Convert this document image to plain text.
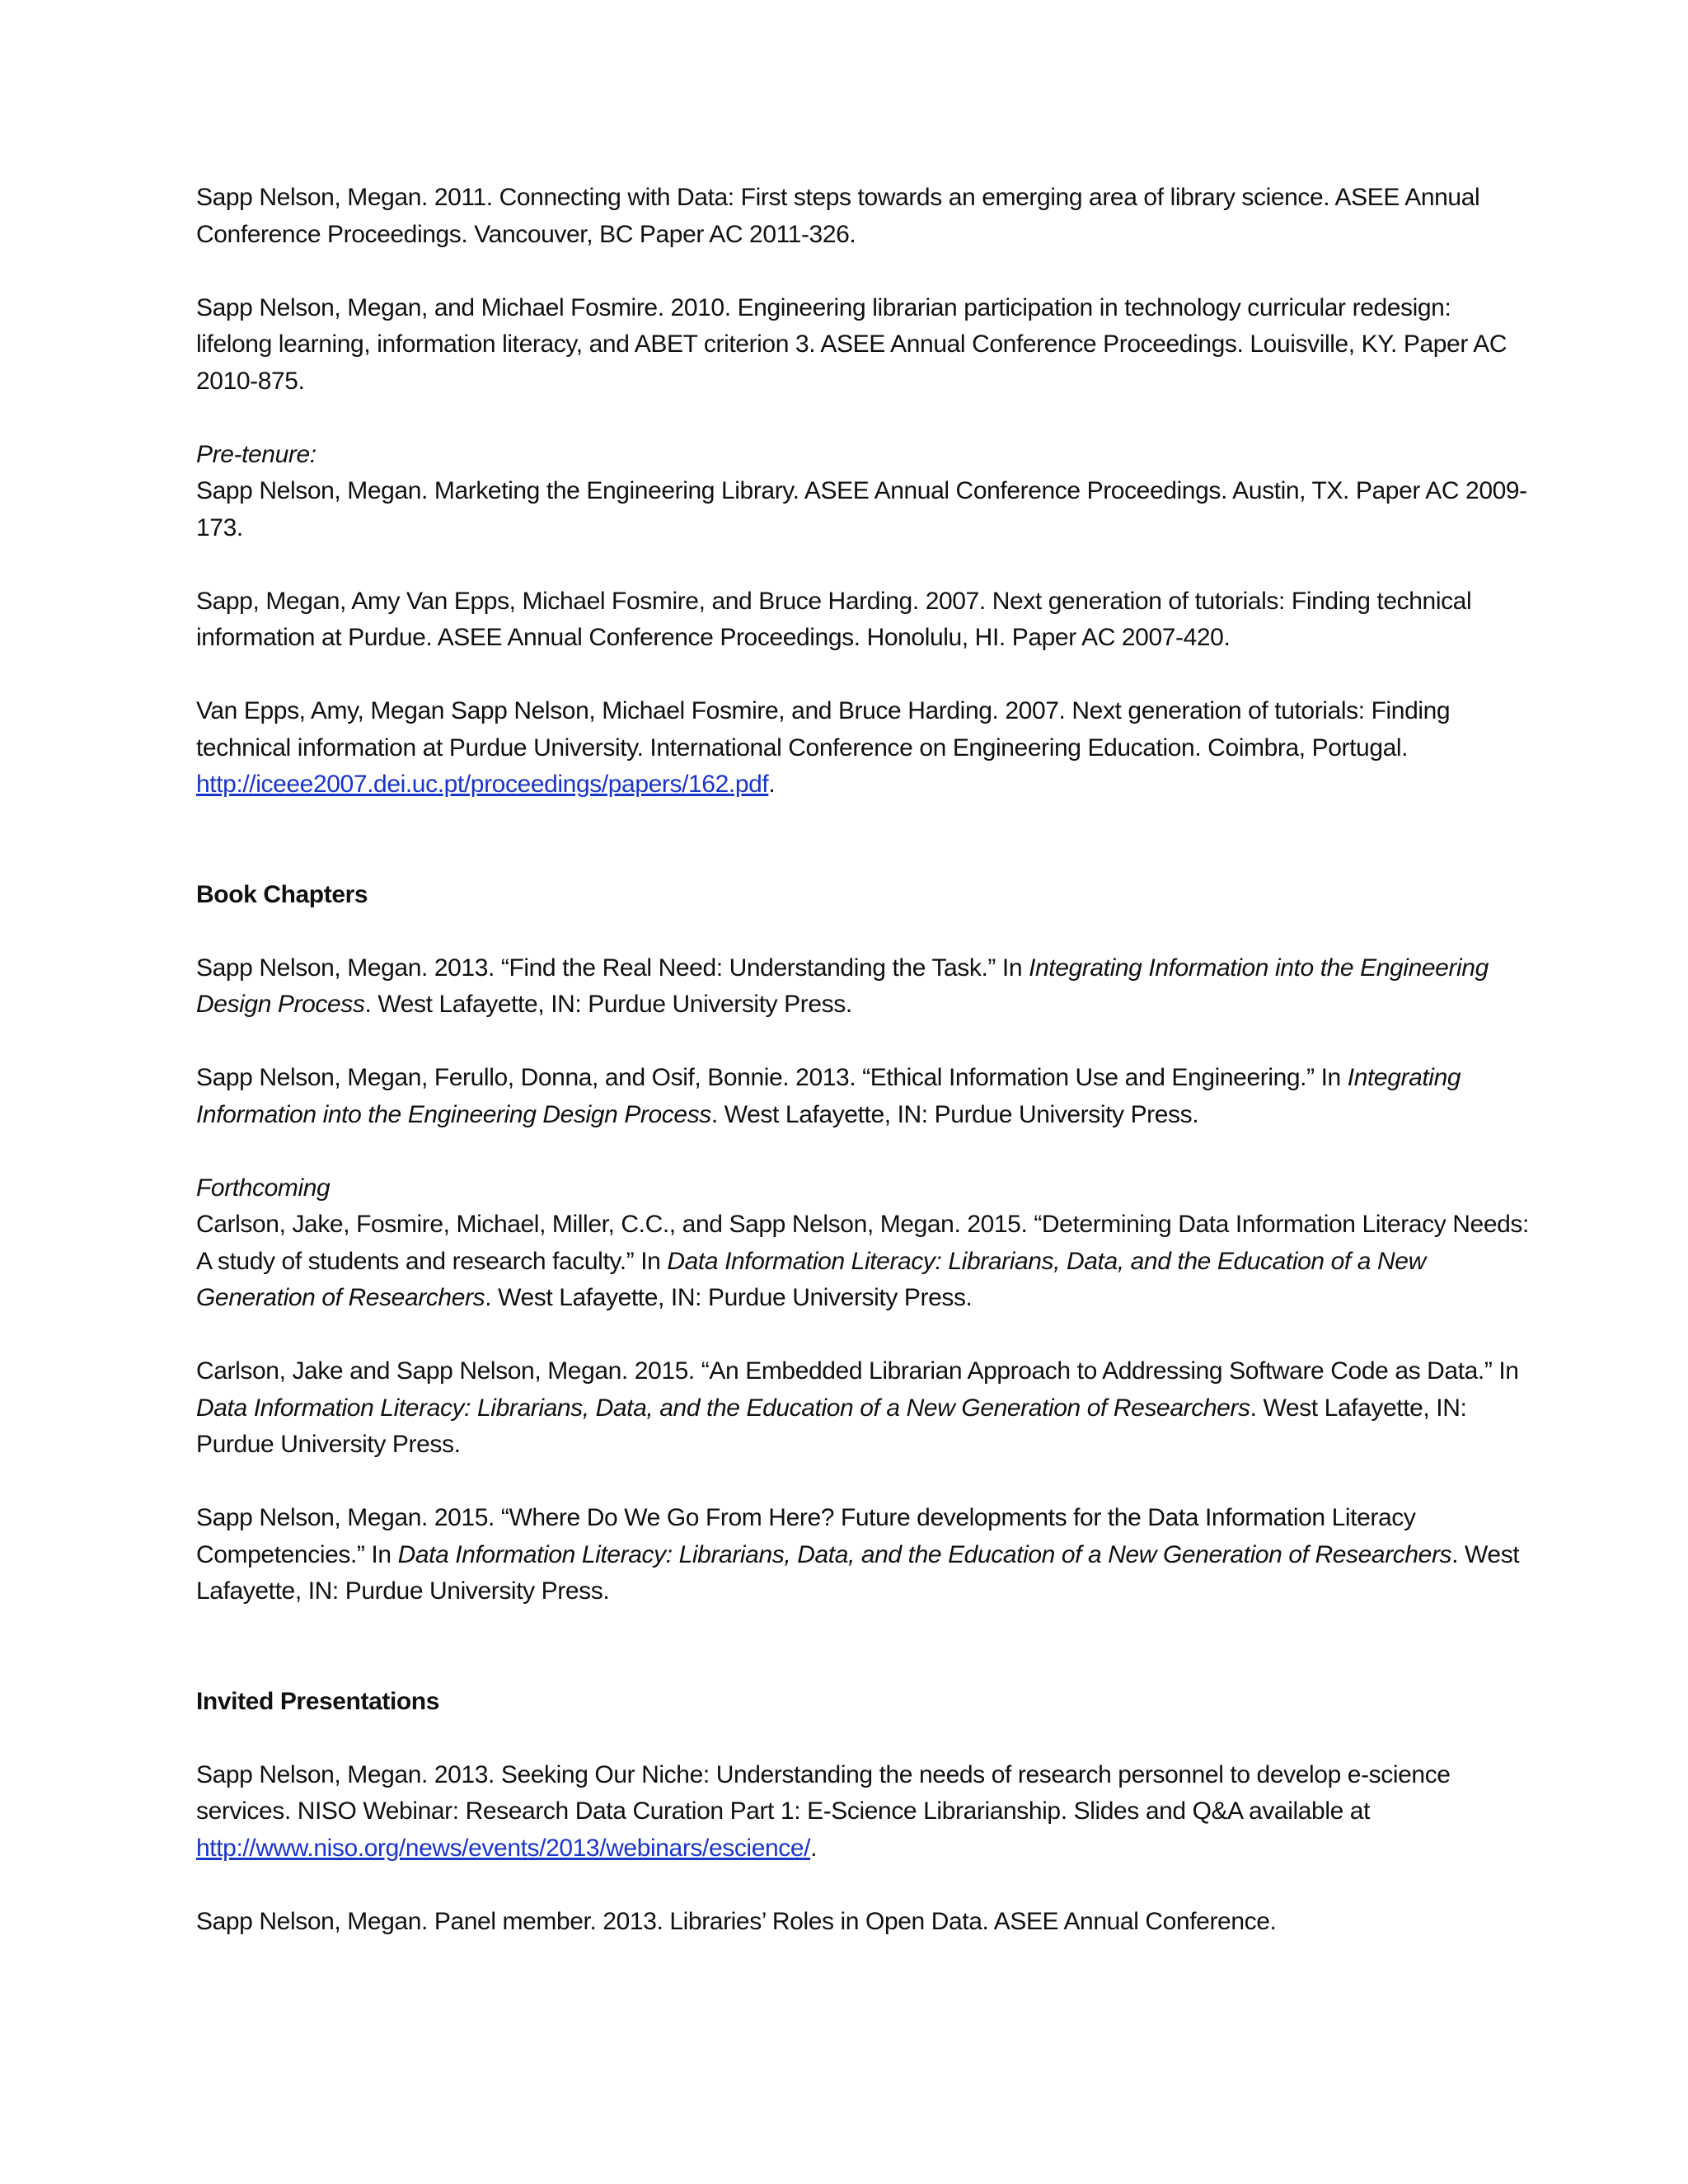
Sapp Nelson, Megan. 2011. Connecting with Data: First steps towards an emerging area of library science. ASEE Annual Conference Proceedings. Vancouver, BC Paper AC 2011-326.

Sapp Nelson, Megan, and Michael Fosmire. 2010. Engineering librarian participation in technology curricular redesign: lifelong learning, information literacy, and ABET criterion 3. ASEE Annual Conference Proceedings. Louisville, KY. Paper AC 2010-875.

Pre-tenure:

Sapp Nelson, Megan. Marketing the Engineering Library. ASEE Annual Conference Proceedings. Austin, TX. Paper AC 2009-173.

Sapp, Megan, Amy Van Epps, Michael Fosmire, and Bruce Harding. 2007. Next generation of tutorials: Finding technical information at Purdue. ASEE Annual Conference Proceedings. Honolulu, HI. Paper AC 2007-420.

Van Epps, Amy, Megan Sapp Nelson, Michael Fosmire, and Bruce Harding. 2007. Next generation of tutorials: Finding technical information at Purdue University. International Conference on Engineering Education. Coimbra, Portugal. http://iceee2007.dei.uc.pt/proceedings/papers/162.pdf.

Book Chapters

Sapp Nelson, Megan. 2013. “Find the Real Need: Understanding the Task.” In Integrating Information into the Engineering Design Process. West Lafayette, IN: Purdue University Press.

Sapp Nelson, Megan, Ferullo, Donna, and Osif, Bonnie. 2013. “Ethical Information Use and Engineering.” In Integrating Information into the Engineering Design Process. West Lafayette, IN: Purdue University Press.

Forthcoming

Carlson, Jake, Fosmire, Michael, Miller, C.C., and Sapp Nelson, Megan. 2015. “Determining Data Information Literacy Needs: A study of students and research faculty.” In Data Information Literacy: Librarians, Data, and the Education of a New Generation of Researchers. West Lafayette, IN: Purdue University Press.

Carlson, Jake and Sapp Nelson, Megan. 2015. “An Embedded Librarian Approach to Addressing Software Code as Data.” In Data Information Literacy: Librarians, Data, and the Education of a New Generation of Researchers. West Lafayette, IN: Purdue University Press.

Sapp Nelson, Megan. 2015. “Where Do We Go From Here? Future developments for the Data Information Literacy Competencies.” In Data Information Literacy: Librarians, Data, and the Education of a New Generation of Researchers. West Lafayette, IN: Purdue University Press.

Invited Presentations

Sapp Nelson, Megan. 2013. Seeking Our Niche: Understanding the needs of research personnel to develop e-science services. NISO Webinar: Research Data Curation Part 1: E-Science Librarianship. Slides and Q&A available at http://www.niso.org/news/events/2013/webinars/escience/.

Sapp Nelson, Megan. Panel member. 2013. Libraries’ Roles in Open Data. ASEE Annual Conference.
